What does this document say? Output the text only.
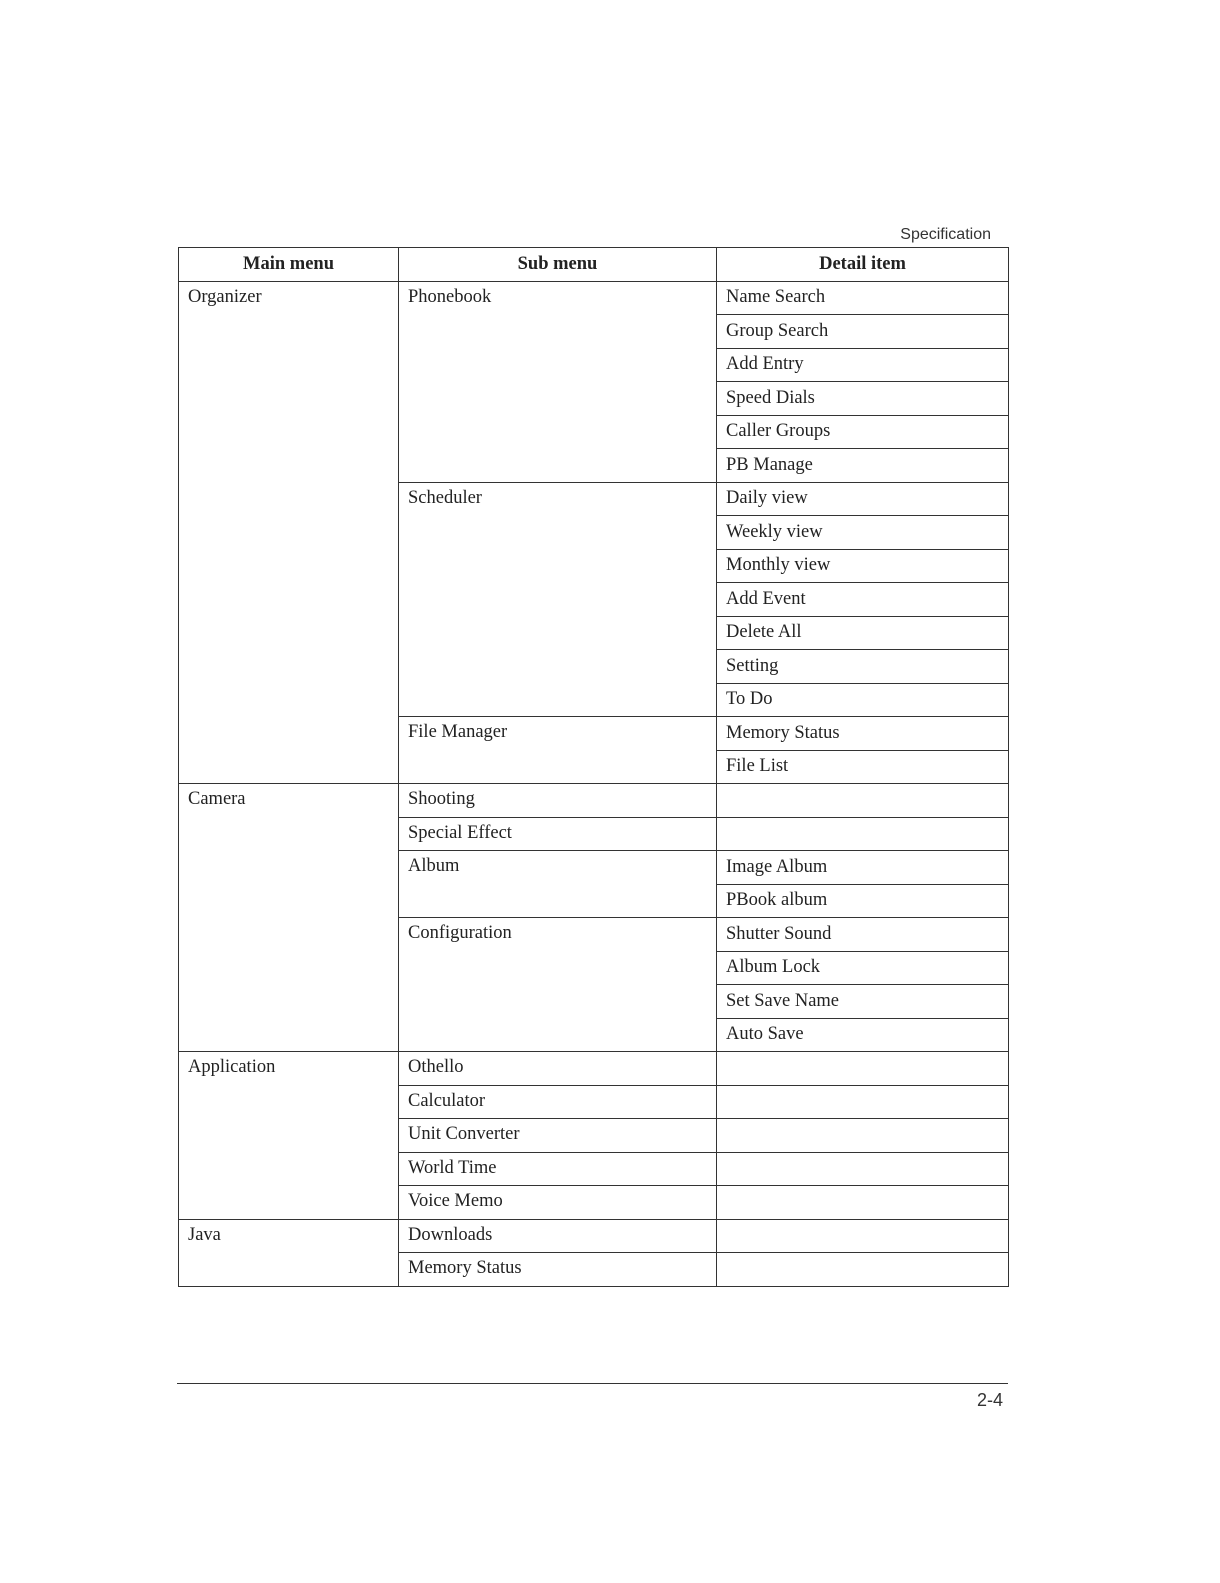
Specification
Main menu	Sub menu	Detail item
Organizer	Phonebook	Name Search
		Group Search
		Add Entry
		Speed Dials
		Caller Groups
		PB Manage
	Scheduler	Daily view
		Weekly view
		Monthly view
		Add Event
		Delete All
		Setting
		To Do
	File Manager	Memory Status
		File List
Camera	Shooting	
	Special Effect	
	Album	Image Album
		PBook album
	Configuration	Shutter Sound
		Album Lock
		Set Save Name
		Auto Save
Application	Othello	
	Calculator	
	Unit Converter	
	World Time	
	Voice Memo	
Java	Downloads	
	Memory Status	
2-4
